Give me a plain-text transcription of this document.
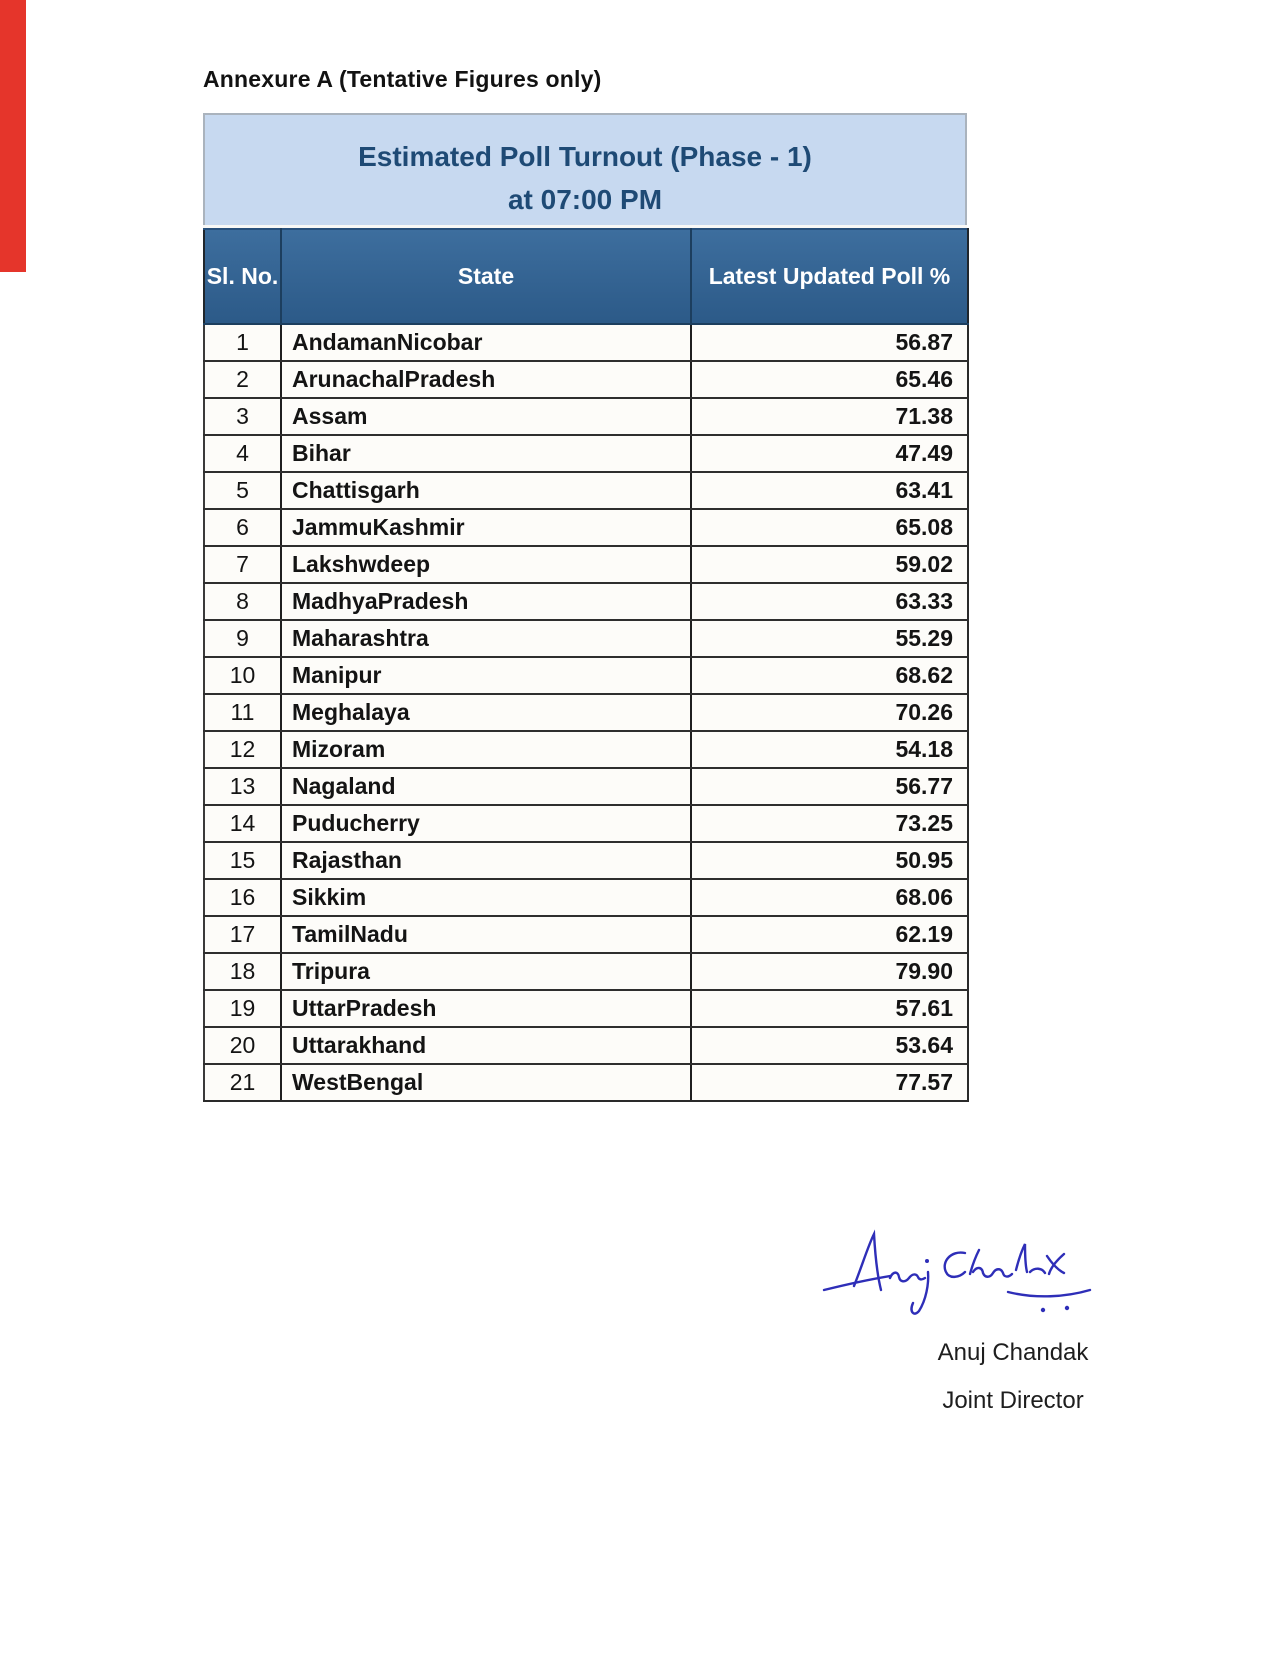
Annexure A (Tentative Figures only)
Estimated Poll Turnout (Phase - 1)
at 07:00 PM
Sl. No.	State	Latest Updated Poll %
1	AndamanNicobar	56.87
2	ArunachalPradesh	65.46
3	Assam	71.38
4	Bihar	47.49
5	Chattisgarh	63.41
6	JammuKashmir	65.08
7	Lakshwdeep	59.02
8	MadhyaPradesh	63.33
9	Maharashtra	55.29
10	Manipur	68.62
11	Meghalaya	70.26
12	Mizoram	54.18
13	Nagaland	56.77
14	Puducherry	73.25
15	Rajasthan	50.95
16	Sikkim	68.06
17	TamilNadu	62.19
18	Tripura	79.90
19	UttarPradesh	57.61
20	Uttarakhand	53.64
21	WestBengal	77.57
Anuj Chandak
Joint Director
